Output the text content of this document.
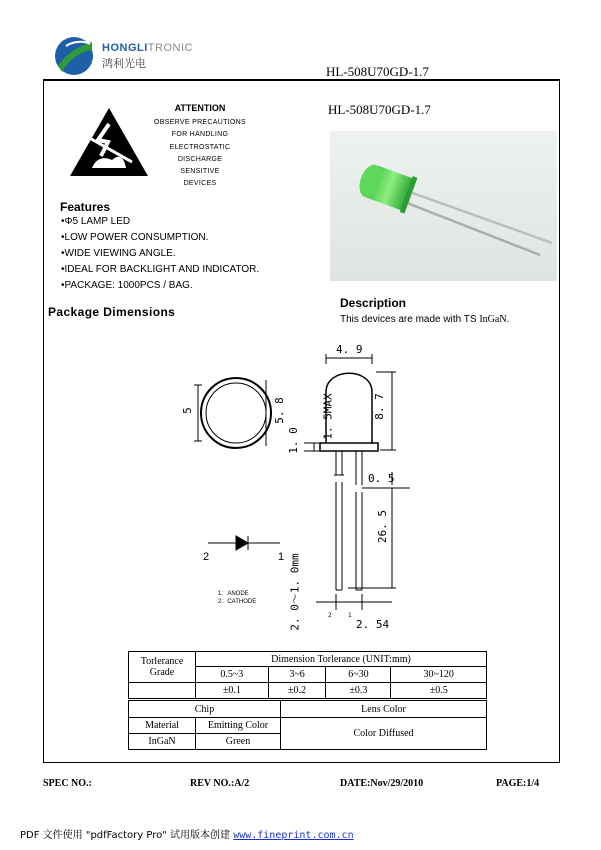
HONGLITRONIC
鸿利光电
HL-508U70GD-1.7
ATTENTION
OBSERVE PRECAUTIONS
FOR HANDLING
ELECTROSTATIC
DISCHARGE
SENSITIVE
DEVICES
HL-508U70GD-1.7
Features
•Φ5 LAMP LED
•LOW POWER CONSUMPTION.
•WIDE VIEWING ANGLE.
•IDEAL FOR BACKLIGHT AND INDICATOR.
•PACKAGE: 1000PCS / BAG.
Description
This devices are made with TS InGaN.
Package Dimensions
4. 9
5	5. 8	8. 7
1. 5MAX
1. 0
0. 5
26. 5
2. 0～1. 0mm	2. 54
2	1
2	1
1：ANODE
2：CATHODE
Torlerance
Grade	Dimension Torlerance (UNIT:mm)			
	0.5~3	3~6	6~30	30~120
	±0.1	±0.2	±0.3	±0.5
Chip		Lens Color
Material	Emitting Color	Color Diffused
InGaN	Green	
SPEC NO.:	REV NO.:A/2	DATE:Nov/29/2010	PAGE:1/4
PDF 文件使用 "pdfFactory Pro" 试用版本创建 www.fineprint.com.cn
